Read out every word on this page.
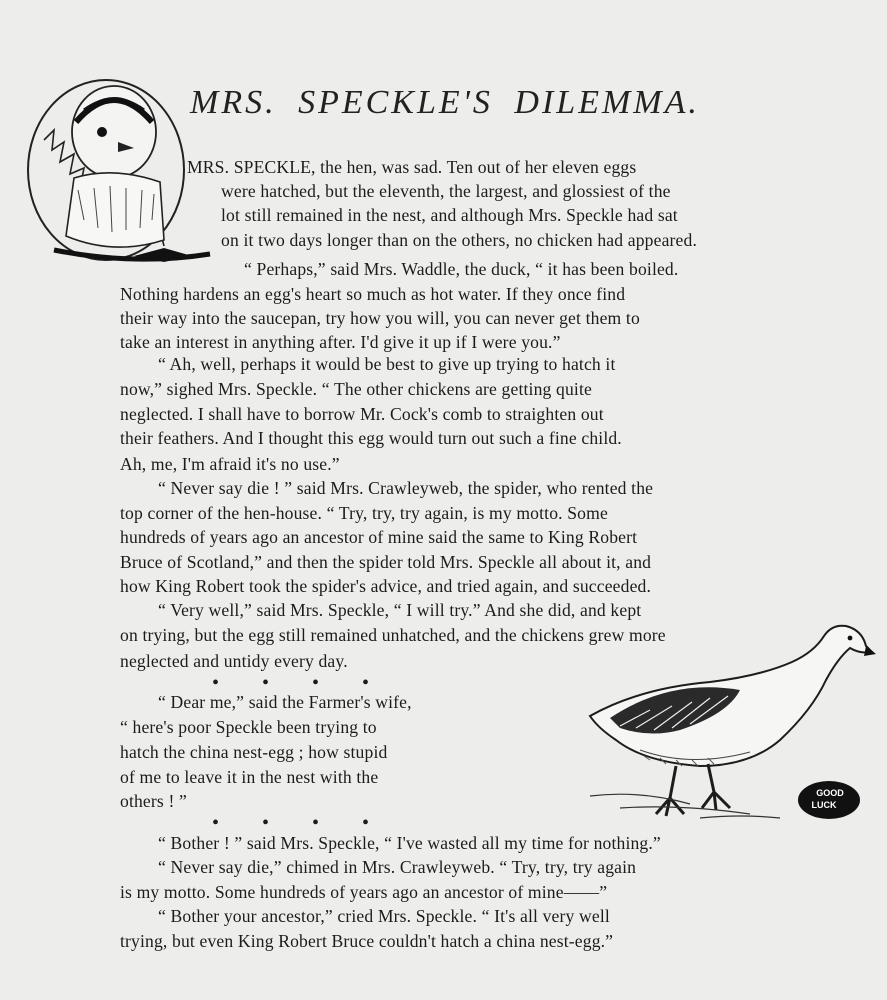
MRS. SPECKLE'S DILEMMA.
MRS. SPECKLE, the hen, was sad. Ten out of her eleven eggs
were hatched, but the eleventh, the largest, and glossiest of the
lot still remained in the nest, and although Mrs. Speckle had sat
on it two days longer than on the others, no chicken had appeared.
“ Perhaps,” said Mrs. Waddle, the duck, “ it has been boiled.
Nothing hardens an egg's heart so much as hot water. If they once find
their way into the saucepan, try how you will, you can never get them to
take an interest in anything after. I'd give it up if I were you.”
“ Ah, well, perhaps it would be best to give up trying to hatch it
now,” sighed Mrs. Speckle. “ The other chickens are getting quite
neglected. I shall have to borrow Mr. Cock's comb to straighten out
their feathers. And I thought this egg would turn out such a fine child.
Ah, me, I'm afraid it's no use.”
“ Never say die ! ” said Mrs. Crawleyweb, the spider, who rented the
top corner of the hen-house. “ Try, try, try again, is my motto. Some
hundreds of years ago an ancestor of mine said the same to King Robert
Bruce of Scotland,” and then the spider told Mrs. Speckle all about it, and
how King Robert took the spider's advice, and tried again, and succeeded.
“ Very well,” said Mrs. Speckle, “ I will try.” And she did, and kept
on trying, but the egg still remained unhatched, and the chickens grew more
neglected and untidy every day.
• • • •
“ Dear me,” said the Farmer's wife,
“ here's poor Speckle been trying to
hatch the china nest-egg ; how stupid
of me to leave it in the nest with the
others ! ”
• • • •
“ Bother ! ” said Mrs. Speckle, “ I've wasted all my time for nothing.”
“ Never say die,” chimed in Mrs. Crawleyweb. “ Try, try, try again
is my motto. Some hundreds of years ago an ancestor of mine——”
“ Bother your ancestor,” cried Mrs. Speckle. “ It's all very well
trying, but even King Robert Bruce couldn't hatch a china nest-egg.”
GOOD
LUCK
